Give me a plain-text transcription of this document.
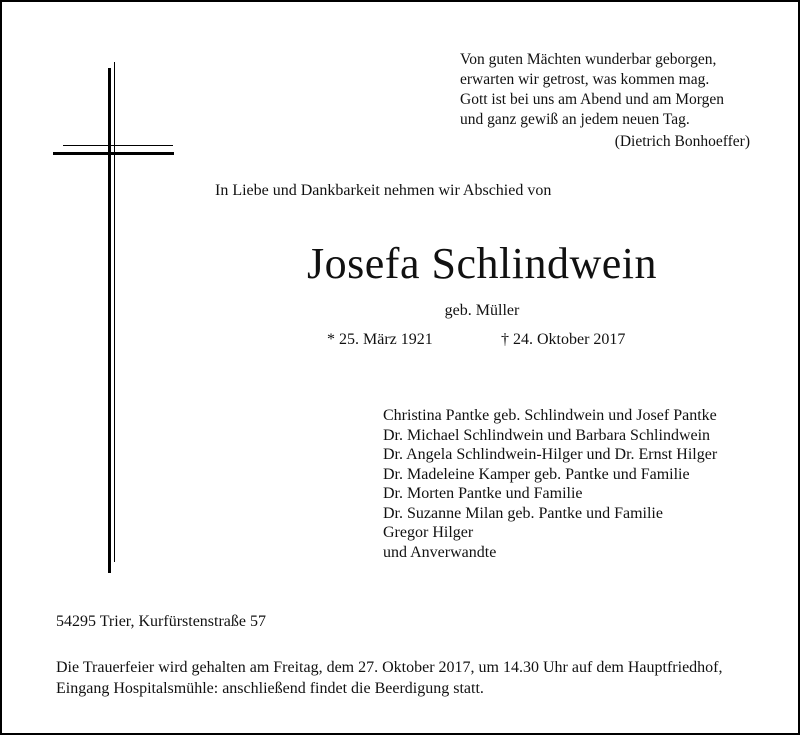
Von guten Mächten wunderbar geborgen,
erwarten wir getrost, was kommen mag.
Gott ist bei uns am Abend und am Morgen
und ganz gewiß an jedem neuen Tag.
(Dietrich Bonhoeffer)
In Liebe und Dankbarkeit nehmen wir Abschied von
Josefa Schlindwein
geb. Müller
* 25. März 1921	† 24. Oktober 2017
Christina Pantke geb. Schlindwein und Josef Pantke
Dr. Michael Schlindwein und Barbara Schlindwein
Dr. Angela Schlindwein-Hilger und Dr. Ernst Hilger
Dr. Madeleine Kamper geb. Pantke und Familie
Dr. Morten Pantke und Familie
Dr. Suzanne Milan geb. Pantke und Familie
Gregor Hilger
und Anverwandte
54295 Trier, Kurfürstenstraße 57
Die Trauerfeier wird gehalten am Freitag, dem 27. Oktober 2017, um 14.30 Uhr auf dem Hauptfriedhof,
Eingang Hospitalsmühle: anschließend findet die Beerdigung statt.
